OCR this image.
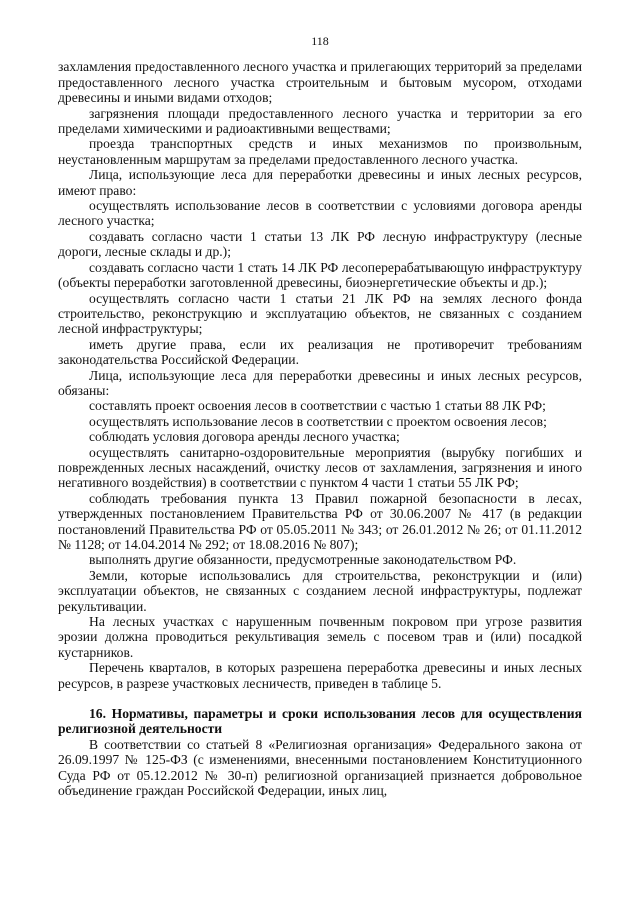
118

захламления предоставленного лесного участка и прилегающих территорий за пределами предоставленного лесного участка строительным и бытовым мусором, отходами древесины и иными видами отходов;

загрязнения площади предоставленного лесного участка и территории за его пределами химическими и радиоактивными веществами;

проезда транспортных средств и иных механизмов по произвольным, неустановленным маршрутам за пределами предоставленного лесного участка.

Лица, использующие леса для переработки древесины и иных лесных ресурсов, имеют право:

осуществлять использование лесов в соответствии с условиями договора аренды лесного участка;

создавать согласно части 1 статьи 13 ЛК РФ лесную инфраструктуру (лесные дороги, лесные склады и др.);

создавать согласно части 1 стать 14 ЛК РФ лесоперерабатывающую инфраструктуру (объекты переработки заготовленной древесины, биоэнергетические объекты и др.);

осуществлять согласно части 1 статьи 21 ЛК РФ на землях лесного фонда строительство, реконструкцию и эксплуатацию объектов, не связанных с созданием лесной инфраструктуры;

иметь другие права, если их реализация не противоречит требованиям законодательства Российской Федерации.

Лица, использующие леса для переработки древесины и иных лесных ресурсов, обязаны:

составлять проект освоения лесов в соответствии с частью 1 статьи 88 ЛК РФ;

осуществлять использование лесов в соответствии с проектом освоения лесов;

соблюдать условия договора аренды лесного участка;

осуществлять санитарно-оздоровительные мероприятия (вырубку погибших и поврежденных лесных насаждений, очистку лесов от захламления, загрязнения и иного негативного воздействия) в соответствии с пунктом 4 части 1 статьи 55 ЛК РФ;

соблюдать требования пункта 13 Правил пожарной безопасности в лесах, утвержденных постановлением Правительства РФ от 30.06.2007 № 417 (в редакции постановлений Правительства РФ от 05.05.2011 № 343; от 26.01.2012 № 26; от 01.11.2012 № 1128; от 14.04.2014 № 292; от 18.08.2016 № 807);

выполнять другие обязанности, предусмотренные законодательством РФ.

Земли, которые использовались для строительства, реконструкции и (или) эксплуатации объектов, не связанных с созданием лесной инфраструктуры, подлежат рекультивации.

На лесных участках с нарушенным почвенным покровом при угрозе развития эрозии должна проводиться рекультивация земель с посевом трав и (или) посадкой кустарников.

Перечень кварталов, в которых разрешена переработка древесины и иных лесных ресурсов, в разрезе участковых лесничеств, приведен в таблице 5.

16. Нормативы, параметры и сроки использования лесов для осуществления религиозной деятельности

В соответствии со статьей 8 «Религиозная организация» Федерального закона от 26.09.1997 № 125-ФЗ (с изменениями, внесенными постановлением Конституционного Суда РФ от 05.12.2012 № 30-п) религиозной организацией признается добровольное объединение граждан Российской Федерации, иных лиц,
